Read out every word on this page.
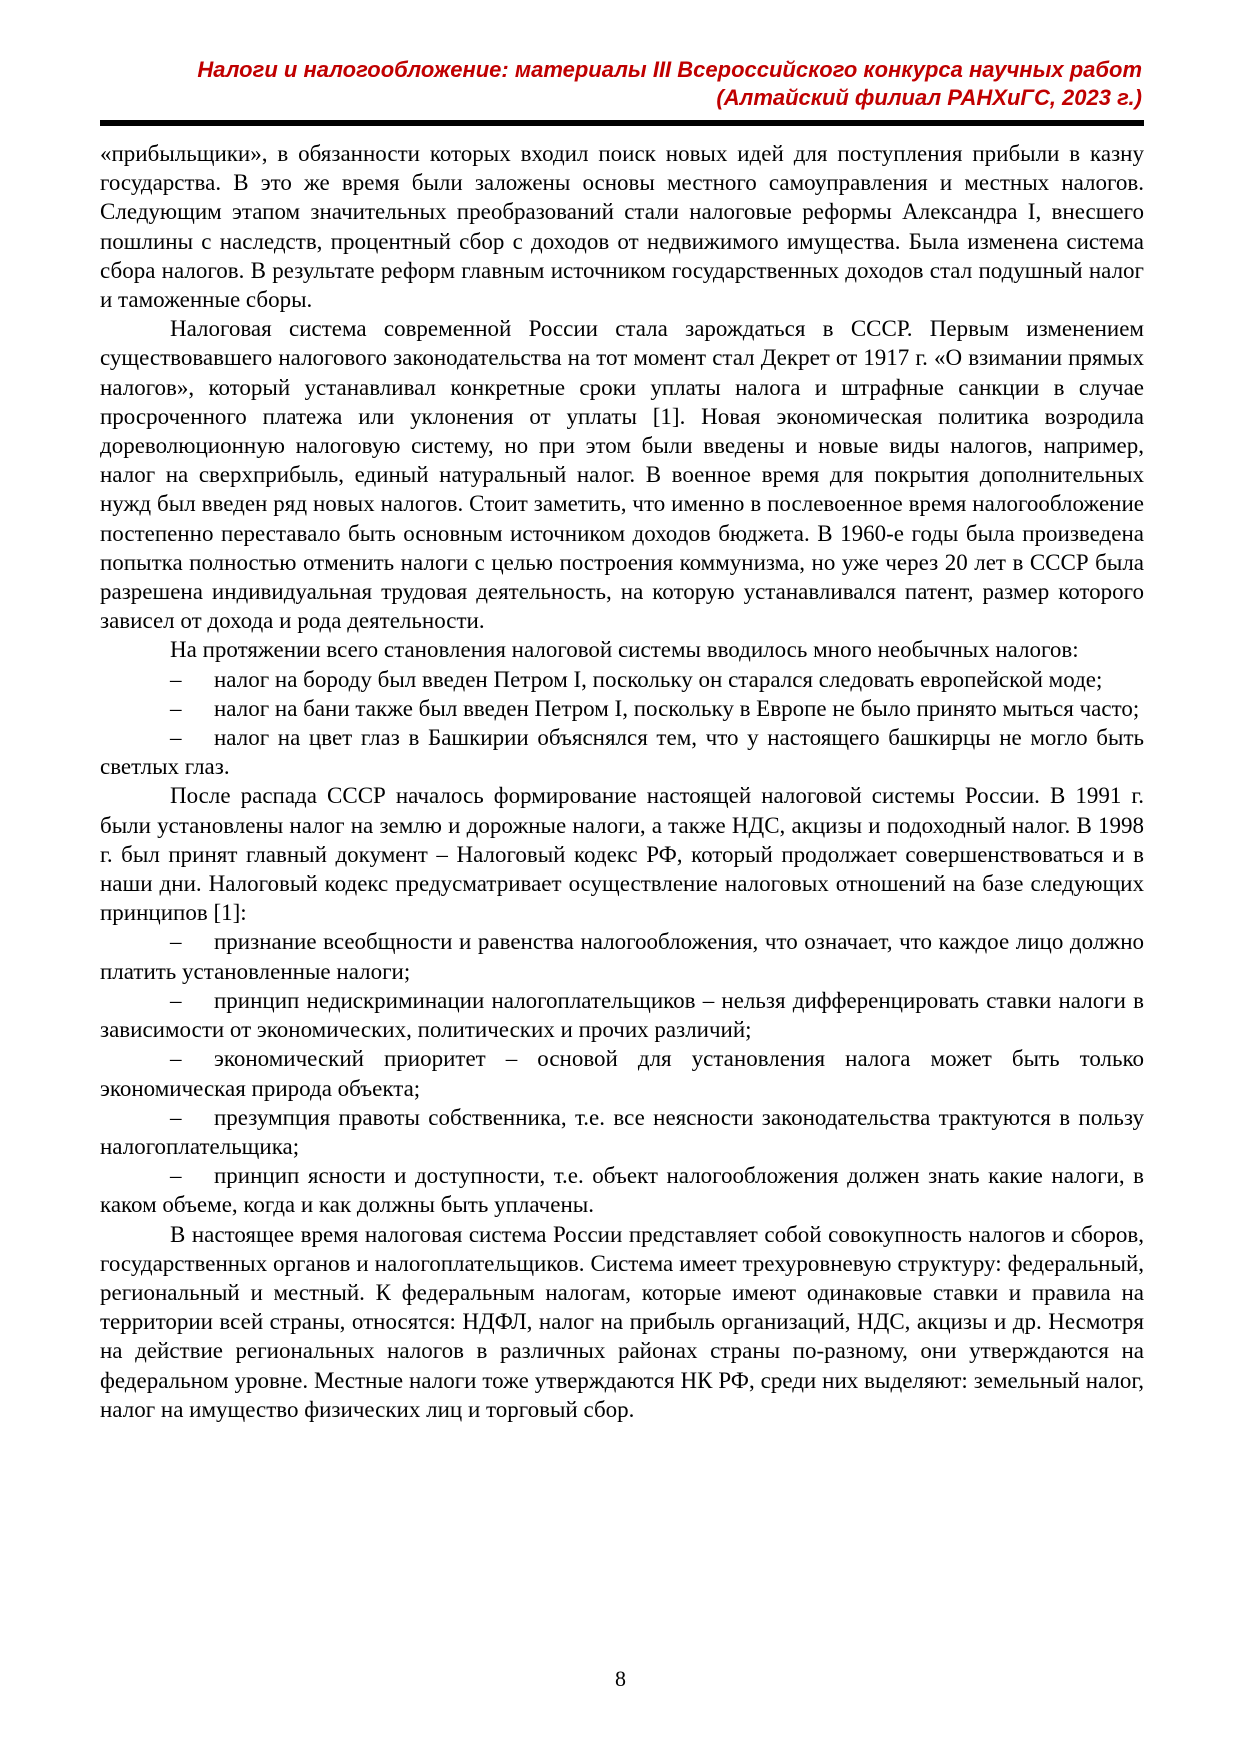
Налоги и налогообложение: материалы III Всероссийского конкурса научных работ
(Алтайский филиал РАНХиГС, 2023 г.)

«прибыльщики», в обязанности которых входил поиск новых идей для поступления прибыли в казну государства. В это же время были заложены основы местного самоуправления и местных налогов. Следующим этапом значительных преобразований стали налоговые реформы Александра I, внесшего пошлины с наследств, процентный сбор с доходов от недвижимого имущества. Была изменена система сбора налогов. В результате реформ главным источником государственных доходов стал подушный налог и таможенные сборы.

Налоговая система современной России стала зарождаться в СССР. Первым изменением существовавшего налогового законодательства на тот момент стал Декрет от 1917 г. «О взимании прямых налогов», который устанавливал конкретные сроки уплаты налога и штрафные санкции в случае просроченного платежа или уклонения от уплаты [1]. Новая экономическая политика возродила дореволюционную налоговую систему, но при этом были введены и новые виды налогов, например, налог на сверхприбыль, единый натуральный налог. В военное время для покрытия дополнительных нужд был введен ряд новых налогов. Стоит заметить, что именно в послевоенное время налогообложение постепенно переставало быть основным источником доходов бюджета. В 1960-е годы была произведена попытка полностью отменить налоги с целью построения коммунизма, но уже через 20 лет в СССР была разрешена индивидуальная трудовая деятельность, на которую устанавливался патент, размер которого зависел от дохода и рода деятельности.

На протяжении всего становления налоговой системы вводилось много необычных налогов:

– налог на бороду был введен Петром I, поскольку он старался следовать европейской моде;

– налог на бани также был введен Петром I, поскольку в Европе не было принято мыться часто;

– налог на цвет глаз в Башкирии объяснялся тем, что у настоящего башкирцы не могло быть светлых глаз.

После распада СССР началось формирование настоящей налоговой системы России. В 1991 г. были установлены налог на землю и дорожные налоги, а также НДС, акцизы и подоходный налог. В 1998 г. был принят главный документ – Налоговый кодекс РФ, который продолжает совершенствоваться и в наши дни. Налоговый кодекс предусматривает осуществление налоговых отношений на базе следующих принципов [1]:

– признание всеобщности и равенства налогообложения, что означает, что каждое лицо должно платить установленные налоги;

– принцип недискриминации налогоплательщиков – нельзя дифференцировать ставки налоги в зависимости от экономических, политических и прочих различий;

– экономический приоритет – основой для установления налога может быть только экономическая природа объекта;

– презумпция правоты собственника, т.е. все неясности законодательства трактуются в пользу налогоплательщика;

– принцип ясности и доступности, т.е. объект налогообложения должен знать какие налоги, в каком объеме, когда и как должны быть уплачены.

В настоящее время налоговая система России представляет собой совокупность налогов и сборов, государственных органов и налогоплательщиков. Система имеет трехуровневую структуру: федеральный, региональный и местный. К федеральным налогам, которые имеют одинаковые ставки и правила на территории всей страны, относятся: НДФЛ, налог на прибыль организаций, НДС, акцизы и др. Несмотря на действие региональных налогов в различных районах страны по-разному, они утверждаются на федеральном уровне. Местные налоги тоже утверждаются НК РФ, среди них выделяют: земельный налог, налог на имущество физических лиц и торговый сбор.

8
